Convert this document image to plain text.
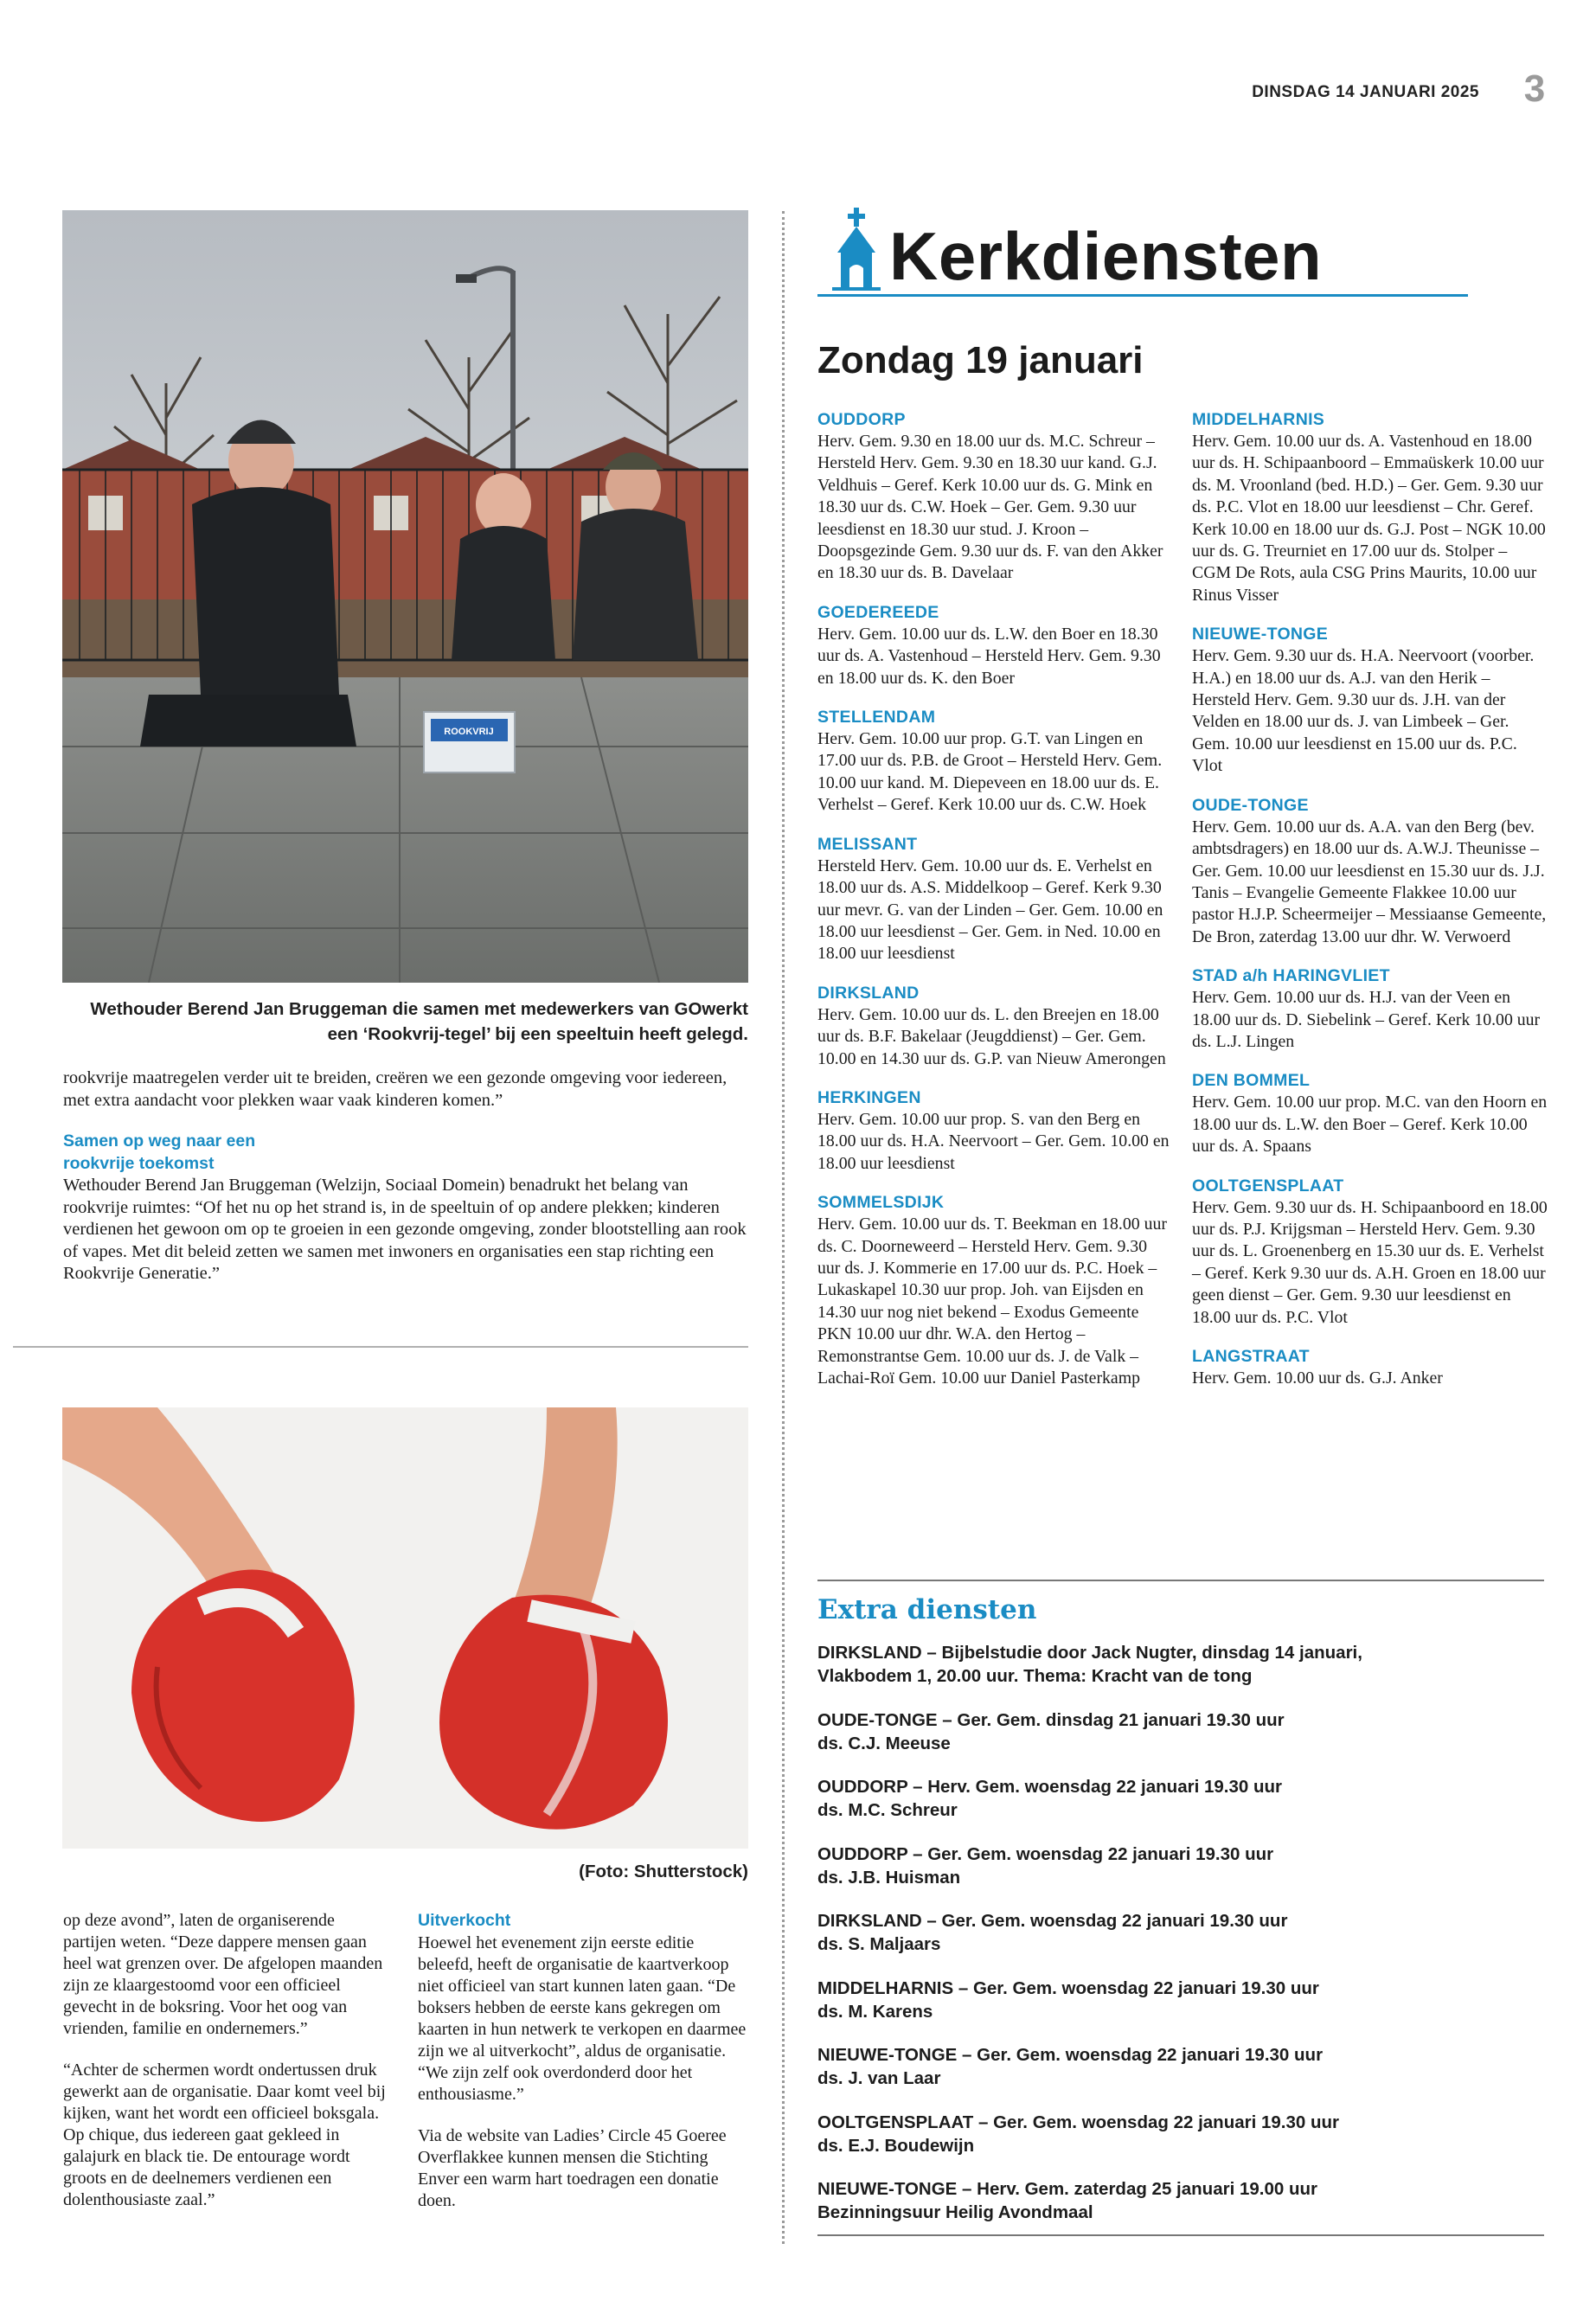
DINSDAG 14 JANUARI 2025	3
ROOKVRIJ
Wethouder Berend Jan Bruggeman die samen met medewerkers van GOwerkt een ‘Rookvrij-tegel’ bij een speeltuin heeft gelegd.

rookvrije maatregelen verder uit te breiden, creëren we een gezonde omgeving voor iedereen, met extra aandacht voor plekken waar vaak kinderen komen.”

Samen op weg naar een
rookvrije toekomst

Wethouder Berend Jan Bruggeman (Welzijn, Sociaal Domein) benadrukt het belang van rookvrije ruimtes: “Of het nu op het strand is, in de speeltuin of op andere plekken; kinderen verdienen het gewoon om op te groeien in een gezonde omgeving, zonder blootstelling aan rook of vapes. Met dit beleid zetten we samen met inwoners en organisaties een stap richting een Rookvrije Generatie.”

(Foto: Shutterstock)

op deze avond”, laten de organiserende partijen weten. “Deze dappere mensen gaan heel wat grenzen over. De afgelopen maanden zijn ze klaargestoomd voor een officieel gevecht in de boksring. Voor het oog van vrienden, familie en ondernemers.”

“Achter de schermen wordt ondertussen druk gewerkt aan de organisatie. Daar komt veel bij kijken, want het wordt een officieel boksgala. Op chique, dus iedereen gaat gekleed in galajurk en black tie. De entourage wordt groots en de deelnemers verdienen een dolenthousiaste zaal.”

Uitverkocht

Hoewel het evenement zijn eerste editie beleefd, heeft de organisatie de kaartverkoop niet officieel van start kunnen laten gaan. “De boksers hebben de eerste kans gekregen om kaarten in hun netwerk te verkopen en daarmee zijn we al uitverkocht”, aldus de organisatie. “We zijn zelf ook overdonderd door het enthousiasme.”

Via de website van Ladies’ Circle 45 Goeree Overflakkee kunnen mensen die Stichting Enver een warm hart toedragen een donatie doen.

Kerkdiensten
Zondag 19 januari
OUDDORP
Herv. Gem. 9.30 en 18.00 uur ds. M.C. Schreur – Hersteld Herv. Gem. 9.30 en 18.30 uur kand. G.J. Veldhuis – Geref. Kerk 10.00 uur ds. G. Mink en 18.30 uur ds. C.W. Hoek – Ger. Gem. 9.30 uur leesdienst en 18.30 uur stud. J. Kroon – Doopsgezinde Gem. 9.30 uur ds. F. van den Akker en 18.30 uur ds. B. Davelaar
GOEDEREEDE
Herv. Gem. 10.00 uur ds. L.W. den Boer en 18.30 uur ds. A. Vastenhoud – Hersteld Herv. Gem. 9.30 en 18.00 uur ds. K. den Boer
STELLENDAM
Herv. Gem. 10.00 uur prop. G.T. van Lingen en 17.00 uur ds. P.B. de Groot – Hersteld Herv. Gem. 10.00 uur kand. M. Diepeveen en 18.00 uur ds. E. Verhelst – Geref. Kerk 10.00 uur ds. C.W. Hoek
MELISSANT
Hersteld Herv. Gem. 10.00 uur ds. E. Verhelst en 18.00 uur ds. A.S. Middelkoop – Geref. Kerk 9.30 uur mevr. G. van der Linden – Ger. Gem. 10.00 en 18.00 uur leesdienst – Ger. Gem. in Ned. 10.00 en 18.00 uur leesdienst
DIRKSLAND
Herv. Gem. 10.00 uur ds. L. den Breejen en 18.00 uur ds. B.F. Bakelaar (Jeugddienst) – Ger. Gem. 10.00 en 14.30 uur ds. G.P. van Nieuw Amerongen
HERKINGEN
Herv. Gem. 10.00 uur prop. S. van den Berg en 18.00 uur ds. H.A. Neervoort – Ger. Gem. 10.00 en 18.00 uur leesdienst
SOMMELSDIJK
Herv. Gem. 10.00 uur ds. T. Beekman en 18.00 uur ds. C. Doorneweerd – Hersteld Herv. Gem. 9.30 uur ds. J. Kommerie en 17.00 uur ds. P.C. Hoek – Lukaskapel 10.30 uur prop. Joh. van Eijsden en 14.30 uur nog niet bekend – Exodus Gemeente PKN 10.00 uur dhr. W.A. den Hertog – Remonstrantse Gem. 10.00 uur ds. J. de Valk – Lachai-Roï Gem. 10.00 uur Daniel Pasterkamp
MIDDELHARNIS
Herv. Gem. 10.00 uur ds. A. Vastenhoud en 18.00 uur ds. H. Schipaanboord – Emmaüskerk 10.00 uur ds. M. Vroonland (bed. H.D.) – Ger. Gem. 9.30 uur ds. P.C. Vlot en 18.00 uur leesdienst – Chr. Geref. Kerk 10.00 en 18.00 uur ds. G.J. Post – NGK 10.00 uur ds. G. Treurniet en 17.00 uur ds. Stolper – CGM De Rots, aula CSG Prins Maurits, 10.00 uur Rinus Visser
NIEUWE-TONGE
Herv. Gem. 9.30 uur ds. H.A. Neervoort (voorber. H.A.) en 18.00 uur ds. A.J. van den Herik – Hersteld Herv. Gem. 9.30 uur ds. J.H. van der Velden en 18.00 uur ds. J. van Limbeek – Ger. Gem. 10.00 uur leesdienst en 15.00 uur ds. P.C. Vlot
OUDE-TONGE
Herv. Gem. 10.00 uur ds. A.A. van den Berg (bev. ambtsdragers) en 18.00 uur ds. A.W.J. Theunisse – Ger. Gem. 10.00 uur leesdienst en 15.30 uur ds. J.J. Tanis – Evangelie Gemeente Flakkee 10.00 uur pastor H.J.P. Scheermeijer – Messiaanse Gemeente, De Bron, zaterdag 13.00 uur dhr. W. Verwoerd
STAD a/h HARINGVLIET
Herv. Gem. 10.00 uur ds. H.J. van der Veen en 18.00 uur ds. D. Siebelink – Geref. Kerk 10.00 uur ds. L.J. Lingen
DEN BOMMEL
Herv. Gem. 10.00 uur prop. M.C. van den Hoorn en 18.00 uur ds. L.W. den Boer – Geref. Kerk 10.00 uur ds. A. Spaans
OOLTGENSPLAAT
Herv. Gem. 9.30 uur ds. H. Schipaanboord en 18.00 uur ds. P.J. Krijgsman – Hersteld Herv. Gem. 9.30 uur ds. L. Groenenberg en 15.30 uur ds. E. Verhelst – Geref. Kerk 9.30 uur ds. A.H. Groen en 18.00 uur geen dienst – Ger. Gem. 9.30 uur leesdienst en 18.00 uur ds. P.C. Vlot
LANGSTRAAT
Herv. Gem. 10.00 uur ds. G.J. Anker
Extra diensten
DIRKSLAND – Bijbelstudie door Jack Nugter, dinsdag 14 januari,
Vlakbodem 1, 20.00 uur. Thema: Kracht van de tong
OUDE-TONGE – Ger. Gem. dinsdag 21 januari 19.30 uur
ds. C.J. Meeuse
OUDDORP – Herv. Gem. woensdag 22 januari 19.30 uur
ds. M.C. Schreur
OUDDORP – Ger. Gem. woensdag 22 januari 19.30 uur
ds. J.B. Huisman
DIRKSLAND – Ger. Gem. woensdag 22 januari 19.30 uur
ds. S. Maljaars
MIDDELHARNIS – Ger. Gem. woensdag 22 januari 19.30 uur
ds. M. Karens
NIEUWE-TONGE – Ger. Gem. woensdag 22 januari 19.30 uur
ds. J. van Laar
OOLTGENSPLAAT – Ger. Gem. woensdag 22 januari 19.30 uur
ds. E.J. Boudewijn
NIEUWE-TONGE – Herv. Gem. zaterdag 25 januari 19.00 uur
Bezinningsuur Heilig Avondmaal
